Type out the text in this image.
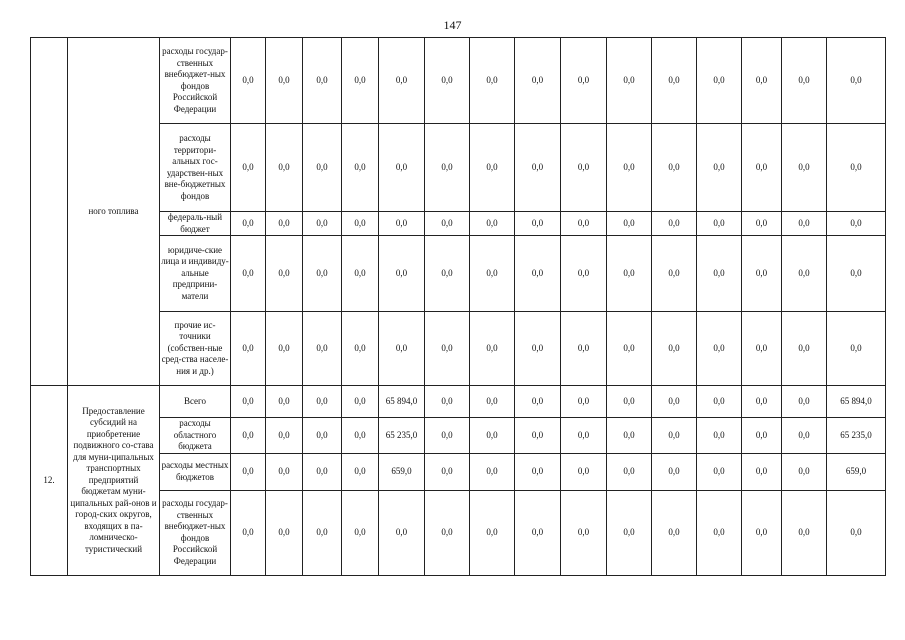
147
	ного топлива	расходы государ-ственных внебюджет-ных фондов Российской Федерации	0,0	0,0	0,0	0,0	0,0	0,0	0,0	0,0	0,0	0,0	0,0	0,0	0,0	0,0	0,0
		расходы территори-альных гос-ударствен-ных вне-бюджетных фондов	0,0	0,0	0,0	0,0	0,0	0,0	0,0	0,0	0,0	0,0	0,0	0,0	0,0	0,0	0,0
		федераль-ный бюджет	0,0	0,0	0,0	0,0	0,0	0,0	0,0	0,0	0,0	0,0	0,0	0,0	0,0	0,0	0,0
		юридиче-ские лица и индивиду-альные предприни-матели	0,0	0,0	0,0	0,0	0,0	0,0	0,0	0,0	0,0	0,0	0,0	0,0	0,0	0,0	0,0
		прочие ис-точники (собствен-ные сред-ства населе-ния и др.)	0,0	0,0	0,0	0,0	0,0	0,0	0,0	0,0	0,0	0,0	0,0	0,0	0,0	0,0	0,0
12.	Предоставление субсидий на приобретение подвижного со-става для муни-ципальных транспортных предприятий бюджетам муни-ципальных рай-онов и город-ских округов, входящих в па-ломническо-туристический	Всего	0,0	0,0	0,0	0,0	65 894,0	0,0	0,0	0,0	0,0	0,0	0,0	0,0	0,0	0,0	65 894,0
		расходы областного бюджета	0,0	0,0	0,0	0,0	65 235,0	0,0	0,0	0,0	0,0	0,0	0,0	0,0	0,0	0,0	65 235,0
		расходы местных бюджетов	0,0	0,0	0,0	0,0	659,0	0,0	0,0	0,0	0,0	0,0	0,0	0,0	0,0	0,0	659,0
		расходы государ-ственных внебюджет-ных фондов Российской Федерации	0,0	0,0	0,0	0,0	0,0	0,0	0,0	0,0	0,0	0,0	0,0	0,0	0,0	0,0	0,0
